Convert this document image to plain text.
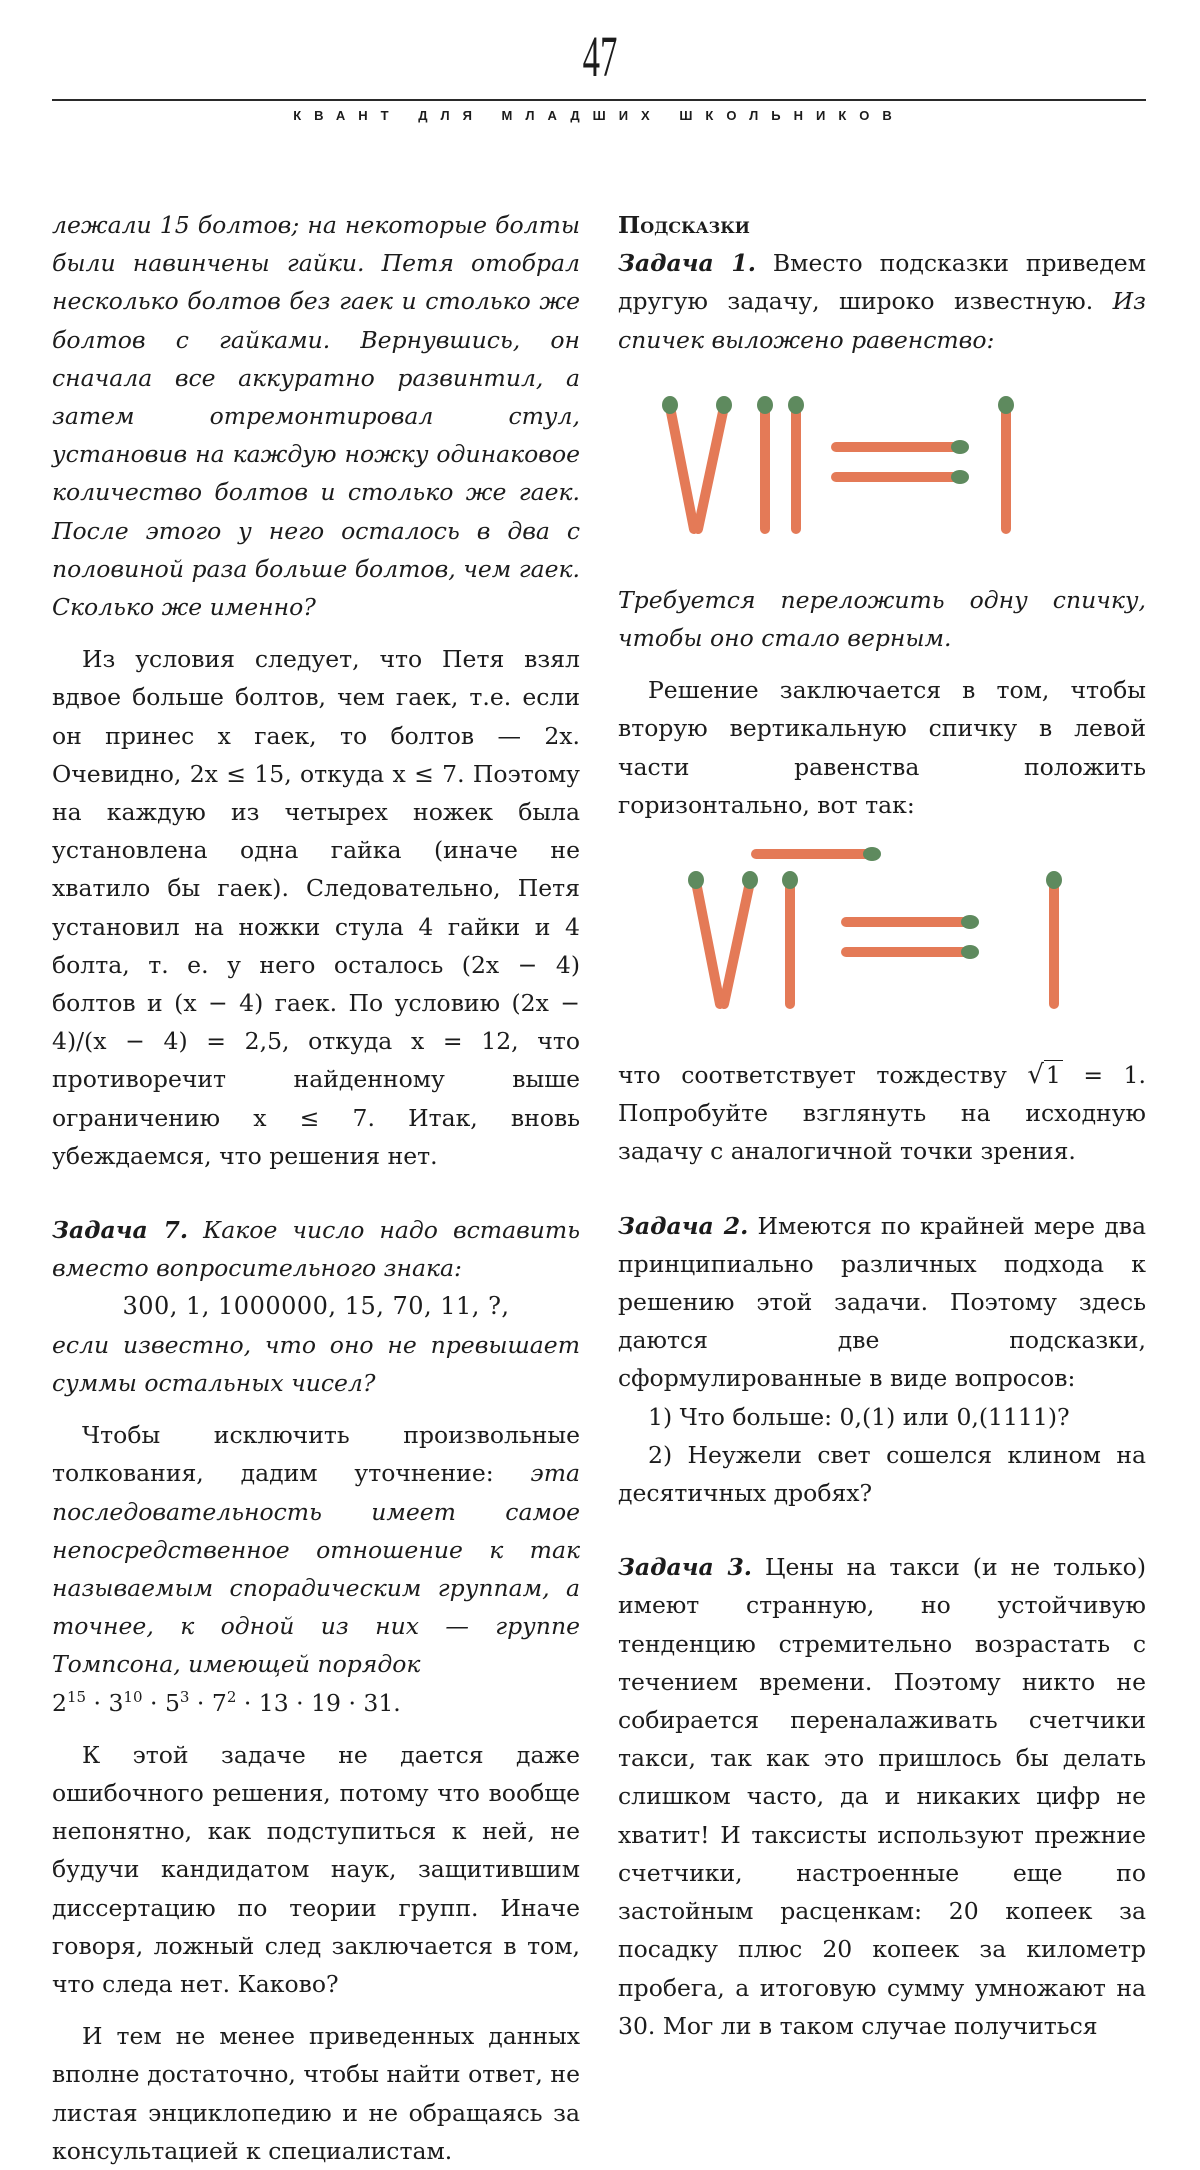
47
КВАНТ ДЛЯ МЛАДШИХ ШКОЛЬНИКОВ

лежали 15 болтов; на некоторые болты были навинчены гайки. Петя отобрал несколько болтов без гаек и столько же болтов с гайками. Вернувшись, он сначала все аккуратно развинтил, а затем отремонтировал стул, установив на каждую ножку одинаковое количество болтов и столько же гаек. После этого у него осталось в два с половиной раза больше болтов, чем гаек. Сколько же именно?

Из условия следует, что Петя взял вдвое больше болтов, чем гаек, т.е. если он принес x гаек, то болтов — 2x. Очевидно, 2x ≤ 15, откуда x ≤ 7. Поэтому на каждую из четырех ножек была установлена одна гайка (иначе не хватило бы гаек). Следовательно, Петя установил на ножки стула 4 гайки и 4 болта, т. е. у него осталось (2x − 4) болтов и (x − 4) гаек. По условию (2x − 4)/(x − 4) = 2,5, откуда x = 12, что противоречит найденному выше ограничению x ≤ 7. Итак, вновь убеждаемся, что решения нет.

Задача 7. Какое число надо вставить вместо вопросительного знака:

300, 1, 1000000, 15, 70, 11, ?,

если известно, что оно не превышает суммы остальных чисел?

Чтобы исключить произвольные толкования, дадим уточнение: эта последовательность имеет самое непосредственное отношение к так называемым спорадическим группам, а точнее, к одной из них — группе Томпсона, имеющей порядок

$2^{15} \cdot 3^{10} \cdot 5^3 \cdot 7^2 \cdot 13 \cdot 19 \cdot 31$.

К этой задаче не дается даже ошибочного решения, потому что вообще непонятно, как подступиться к ней, не будучи кандидатом наук, защитившим диссертацию по теории групп. Иначе говоря, ложный след заключается в том, что следа нет. Каково?

И тем не менее приведенных данных вполне достаточно, чтобы найти ответ, не листая энциклопедию и не обращаясь за консультацией к специалистам.

Подсказки

Задача 1. Вместо подсказки приведем другую задачу, широко известную. Из спичек выложено равенство:

Требуется переложить одну спичку, чтобы оно стало верным.

Решение заключается в том, чтобы вторую вертикальную спичку в левой части равенства положить горизонтально, вот так:

что соответствует тождеству √1 = 1. Попробуйте взглянуть на исходную задачу с аналогичной точки зрения.

Задача 2. Имеются по крайней мере два принципиально различных подхода к решению этой задачи. Поэтому здесь даются две подсказки, сформулированные в виде вопросов:

1) Что больше: 0,(1) или 0,(1111)?

2) Неужели свет сошелся клином на десятичных дробях?

Задача 3. Цены на такси (и не только) имеют странную, но устойчивую тенденцию стремительно возрастать с течением времени. Поэтому никто не собирается переналаживать счетчики такси, так как это пришлось бы делать слишком часто, да и никаких цифр не хватит! И таксисты используют прежние счетчики, настроенные еще по застойным расценкам: 20 копеек за посадку плюс 20 копеек за километр пробега, а итоговую сумму умножают на 30. Мог ли в таком случае получиться
